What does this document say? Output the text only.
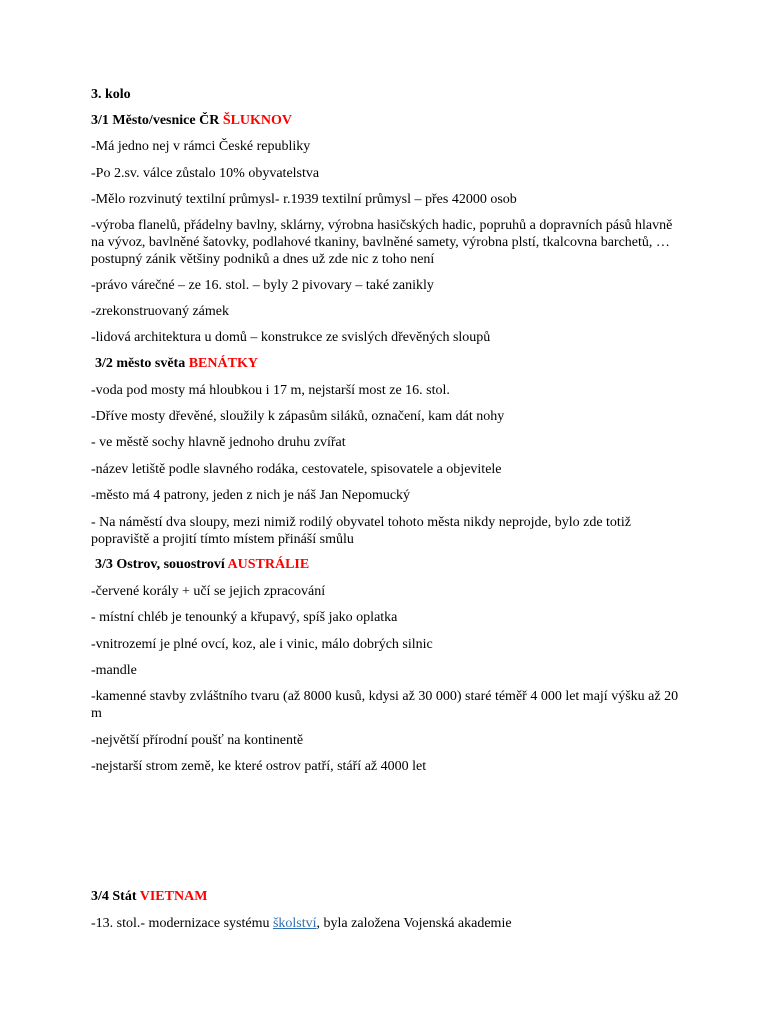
3. kolo
3/1 Město/vesnice ČR ŠLUKNOV
-Má jedno nej v rámci České republiky
-Po 2.sv. válce zůstalo 10% obyvatelstva
-Mělo rozvinutý textilní průmysl- r.1939 textilní průmysl – přes 42000 osob
-výroba flanelů, přádelny bavlny, sklárny, výrobna hasičských hadic, popruhů a dopravních pásů hlavně na vývoz, bavlněné šatovky, podlahové tkaniny, bavlněné samety, výrobna plstí, tkalcovna barchetů, … postupný zánik většiny podniků a dnes už zde nic z toho není
-právo várečné – ze 16. stol. – byly 2 pivovary – také zanikly
-zrekonstruovaný zámek
-lidová architektura u domů – konstrukce ze svislých dřevěných sloupů
3/2 město světa BENÁTKY
-voda pod mosty má hloubkou i 17 m, nejstarší most ze 16. stol.
-Dříve mosty dřevěné, sloužily k zápasům siláků, označení, kam dát nohy
- ve městě sochy hlavně jednoho druhu zvířat
-název letiště podle slavného rodáka, cestovatele, spisovatele a objevitele
-město má 4 patrony, jeden z nich je náš Jan Nepomucký
- Na náměstí dva sloupy, mezi nimiž rodilý obyvatel tohoto města nikdy neprojde, bylo zde totiž popraviště a projití tímto místem přináší smůlu
3/3 Ostrov, souostroví AUSTRÁLIE
-červené korály + učí se jejich zpracování
- místní chléb je tenounký a křupavý, spíš jako oplatka
-vnitrozemí je plné ovcí, koz, ale i vinic, málo dobrých silnic
-mandle
-kamenné stavby zvláštního tvaru (až 8000 kusů, kdysi až 30 000) staré téměř 4 000 let mají výšku až 20 m
-největší přírodní poušť na kontinentě
-nejstarší strom země, ke které ostrov patří, stáří až 4000 let
3/4 Stát VIETNAM
-13. stol.- modernizace systému školství, byla založena Vojenská akademie
